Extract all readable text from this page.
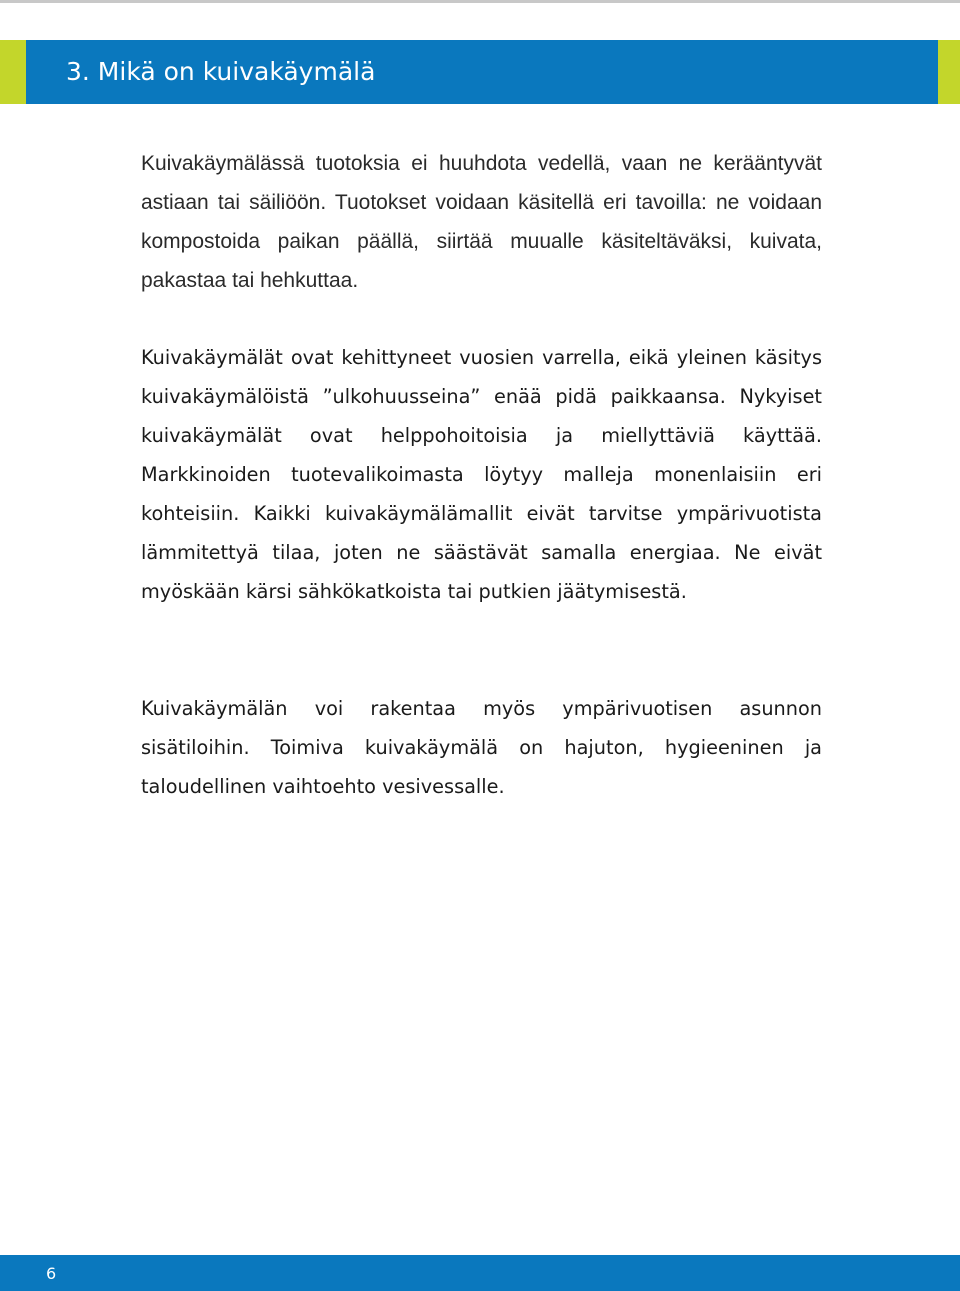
3. Mikä on kuivakäymälä

Kuivakäymälässä tuotoksia ei huuhdota vedellä, vaan ne kerääntyvät astiaan tai säiliöön. Tuotokset voidaan käsitellä eri tavoilla: ne voidaan kompostoida paikan päällä, siirtää muualle käsiteltäväksi, kuivata, pakastaa tai hehkuttaa.

Kuivakäymälät ovat kehittyneet vuosien varrella, eikä yleinen käsitys kuivakäymälöistä ”ulkohuusseina” enää pidä paikkaansa. Nykyiset kuivakäymälät ovat helppohoitoisia ja miellyttäviä käyttää. Markkinoiden tuotevalikoimasta löytyy malleja monenlaisiin eri kohteisiin. Kaikki kuivakäymälämallit eivät tarvitse ympärivuotista lämmitettyä tilaa, joten ne säästävät samalla energiaa. Ne eivät myöskään kärsi sähkökatkoista tai putkien jäätymisestä.

Kuivakäymälän voi rakentaa myös ympärivuotisen asunnon sisätiloihin. Toimiva kuivakäymälä on hajuton, hygieeninen ja taloudellinen vaihtoehto vesivessalle.

6
